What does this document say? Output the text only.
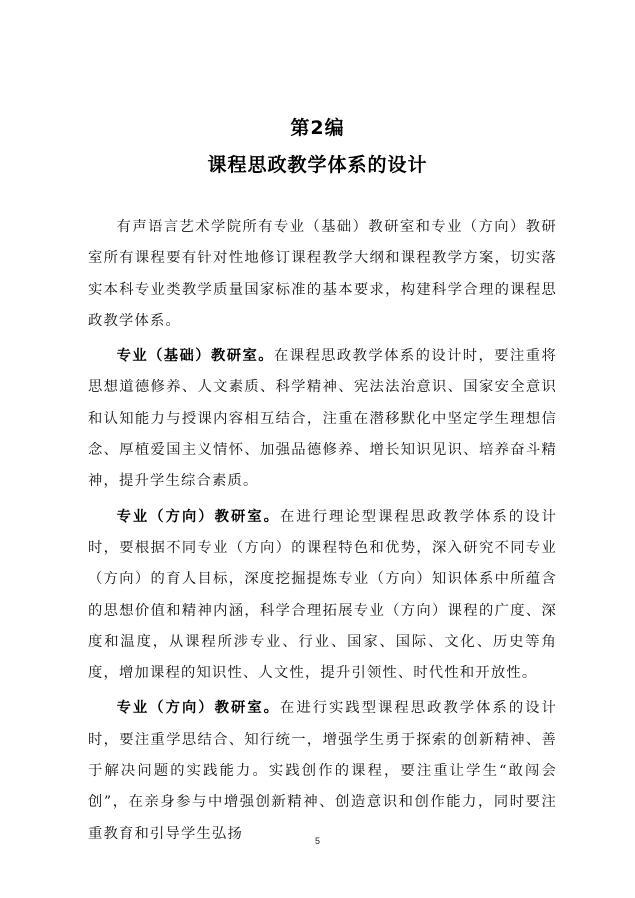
第2编
课程思政教学体系的设计

有声语言艺术学院所有专业（基础）教研室和专业（方向）教研室所有课程要有针对性地修订课程教学大纲和课程教学方案，切实落实本科专业类教学质量国家标准的基本要求，构建科学合理的课程思政教学体系。

专业（基础）教研室。在课程思政教学体系的设计时，要注重将思想道德修养、人文素质、科学精神、宪法法治意识、国家安全意识和认知能力与授课内容相互结合，注重在潜移默化中坚定学生理想信念、厚植爱国主义情怀、加强品德修养、增长知识见识、培养奋斗精神，提升学生综合素质。

专业（方向）教研室。在进行理论型课程思政教学体系的设计时，要根据不同专业（方向）的课程特色和优势，深入研究不同专业（方向）的育人目标，深度挖掘提炼专业（方向）知识体系中所蕴含的思想价值和精神内涵，科学合理拓展专业（方向）课程的广度、深度和温度，从课程所涉专业、行业、国家、国际、文化、历史等角度，增加课程的知识性、人文性，提升引领性、时代性和开放性。

专业（方向）教研室。在进行实践型课程思政教学体系的设计时，要注重学思结合、知行统一，增强学生勇于探索的创新精神、善于解决问题的实践能力。实践创作的课程，要注重让学生“敢闯会创”，在亲身参与中增强创新精神、创造意识和创作能力，同时要注重教育和引导学生弘扬	5
